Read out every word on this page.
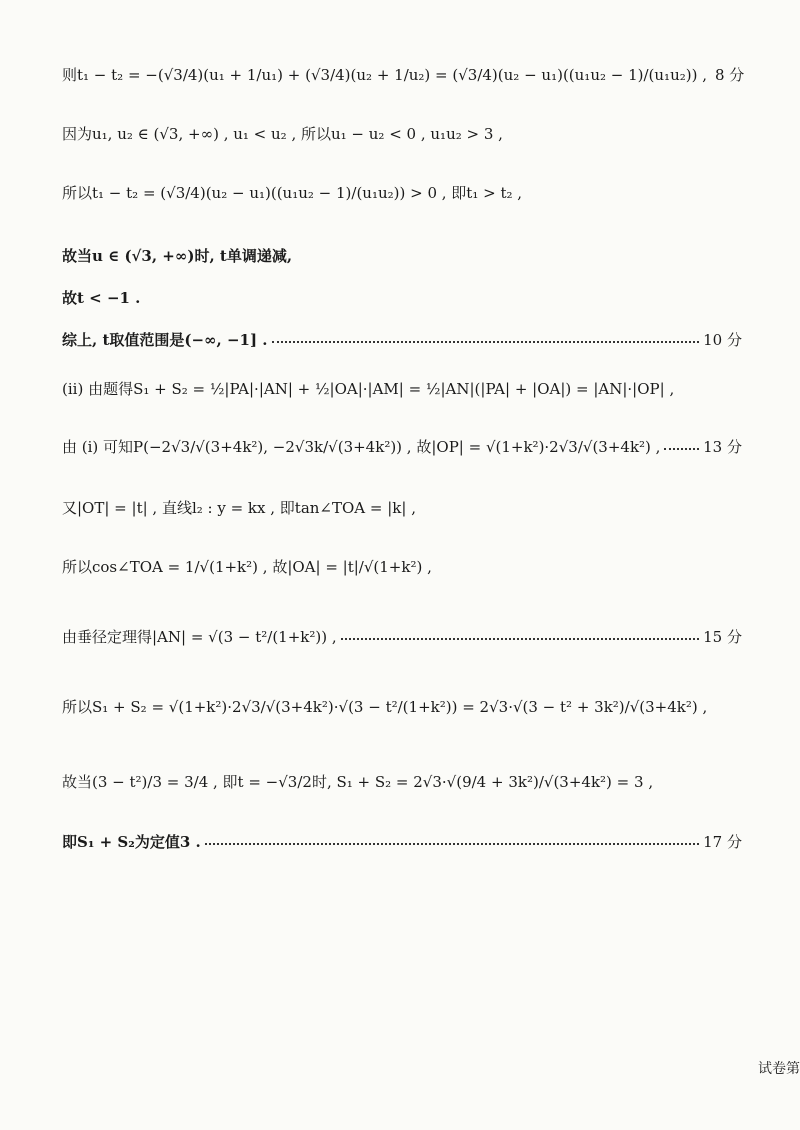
则t₁ − t₂ = −(√3/4)(u₁ + 1/u₁) + (√3/4)(u₂ + 1/u₂) = (√3/4)(u₂ − u₁)((u₁u₂ − 1)/(u₁u₂)) , 8 分
因为u₁, u₂ ∈ (√3, +∞) , u₁ < u₂ , 所以u₁ − u₂ < 0 , u₁u₂ > 3 ,
所以t₁ − t₂ = (√3/4)(u₂ − u₁)((u₁u₂ − 1)/(u₁u₂)) > 0 , 即t₁ > t₂ ,
故当u ∈ (√3, +∞)时, t单调递减,
故t < −1 .
综上, t取值范围是(−∞, −1] .	10 分
(ii) 由题得S₁ + S₂ = ½|PA|·|AN| + ½|OA|·|AM| = ½|AN|(|PA| + |OA|) = |AN|·|OP| ,
由 (i) 可知P(−2√3/√(3+4k²), −2√3k/√(3+4k²)) , 故|OP| = √(1+k²)·2√3/√(3+4k²) ,	13 分
又|OT| = |t| , 直线l₂ : y = kx , 即tan∠TOA = |k| ,
所以cos∠TOA = 1/√(1+k²) , 故|OA| = |t|/√(1+k²) ,
由垂径定理得|AN| = √(3 − t²/(1+k²)) ,	15 分
所以S₁ + S₂ = √(1+k²)·2√3/√(3+4k²)·√(3 − t²/(1+k²)) = 2√3·√(3 − t² + 3k²)/√(3+4k²) ,
故当(3 − t²)/3 = 3/4 , 即t = −√3/2时, S₁ + S₂ = 2√3·√(9/4 + 3k²)/√(3+4k²) = 3 ,
即S₁ + S₂为定值3 .	17 分
试卷第
